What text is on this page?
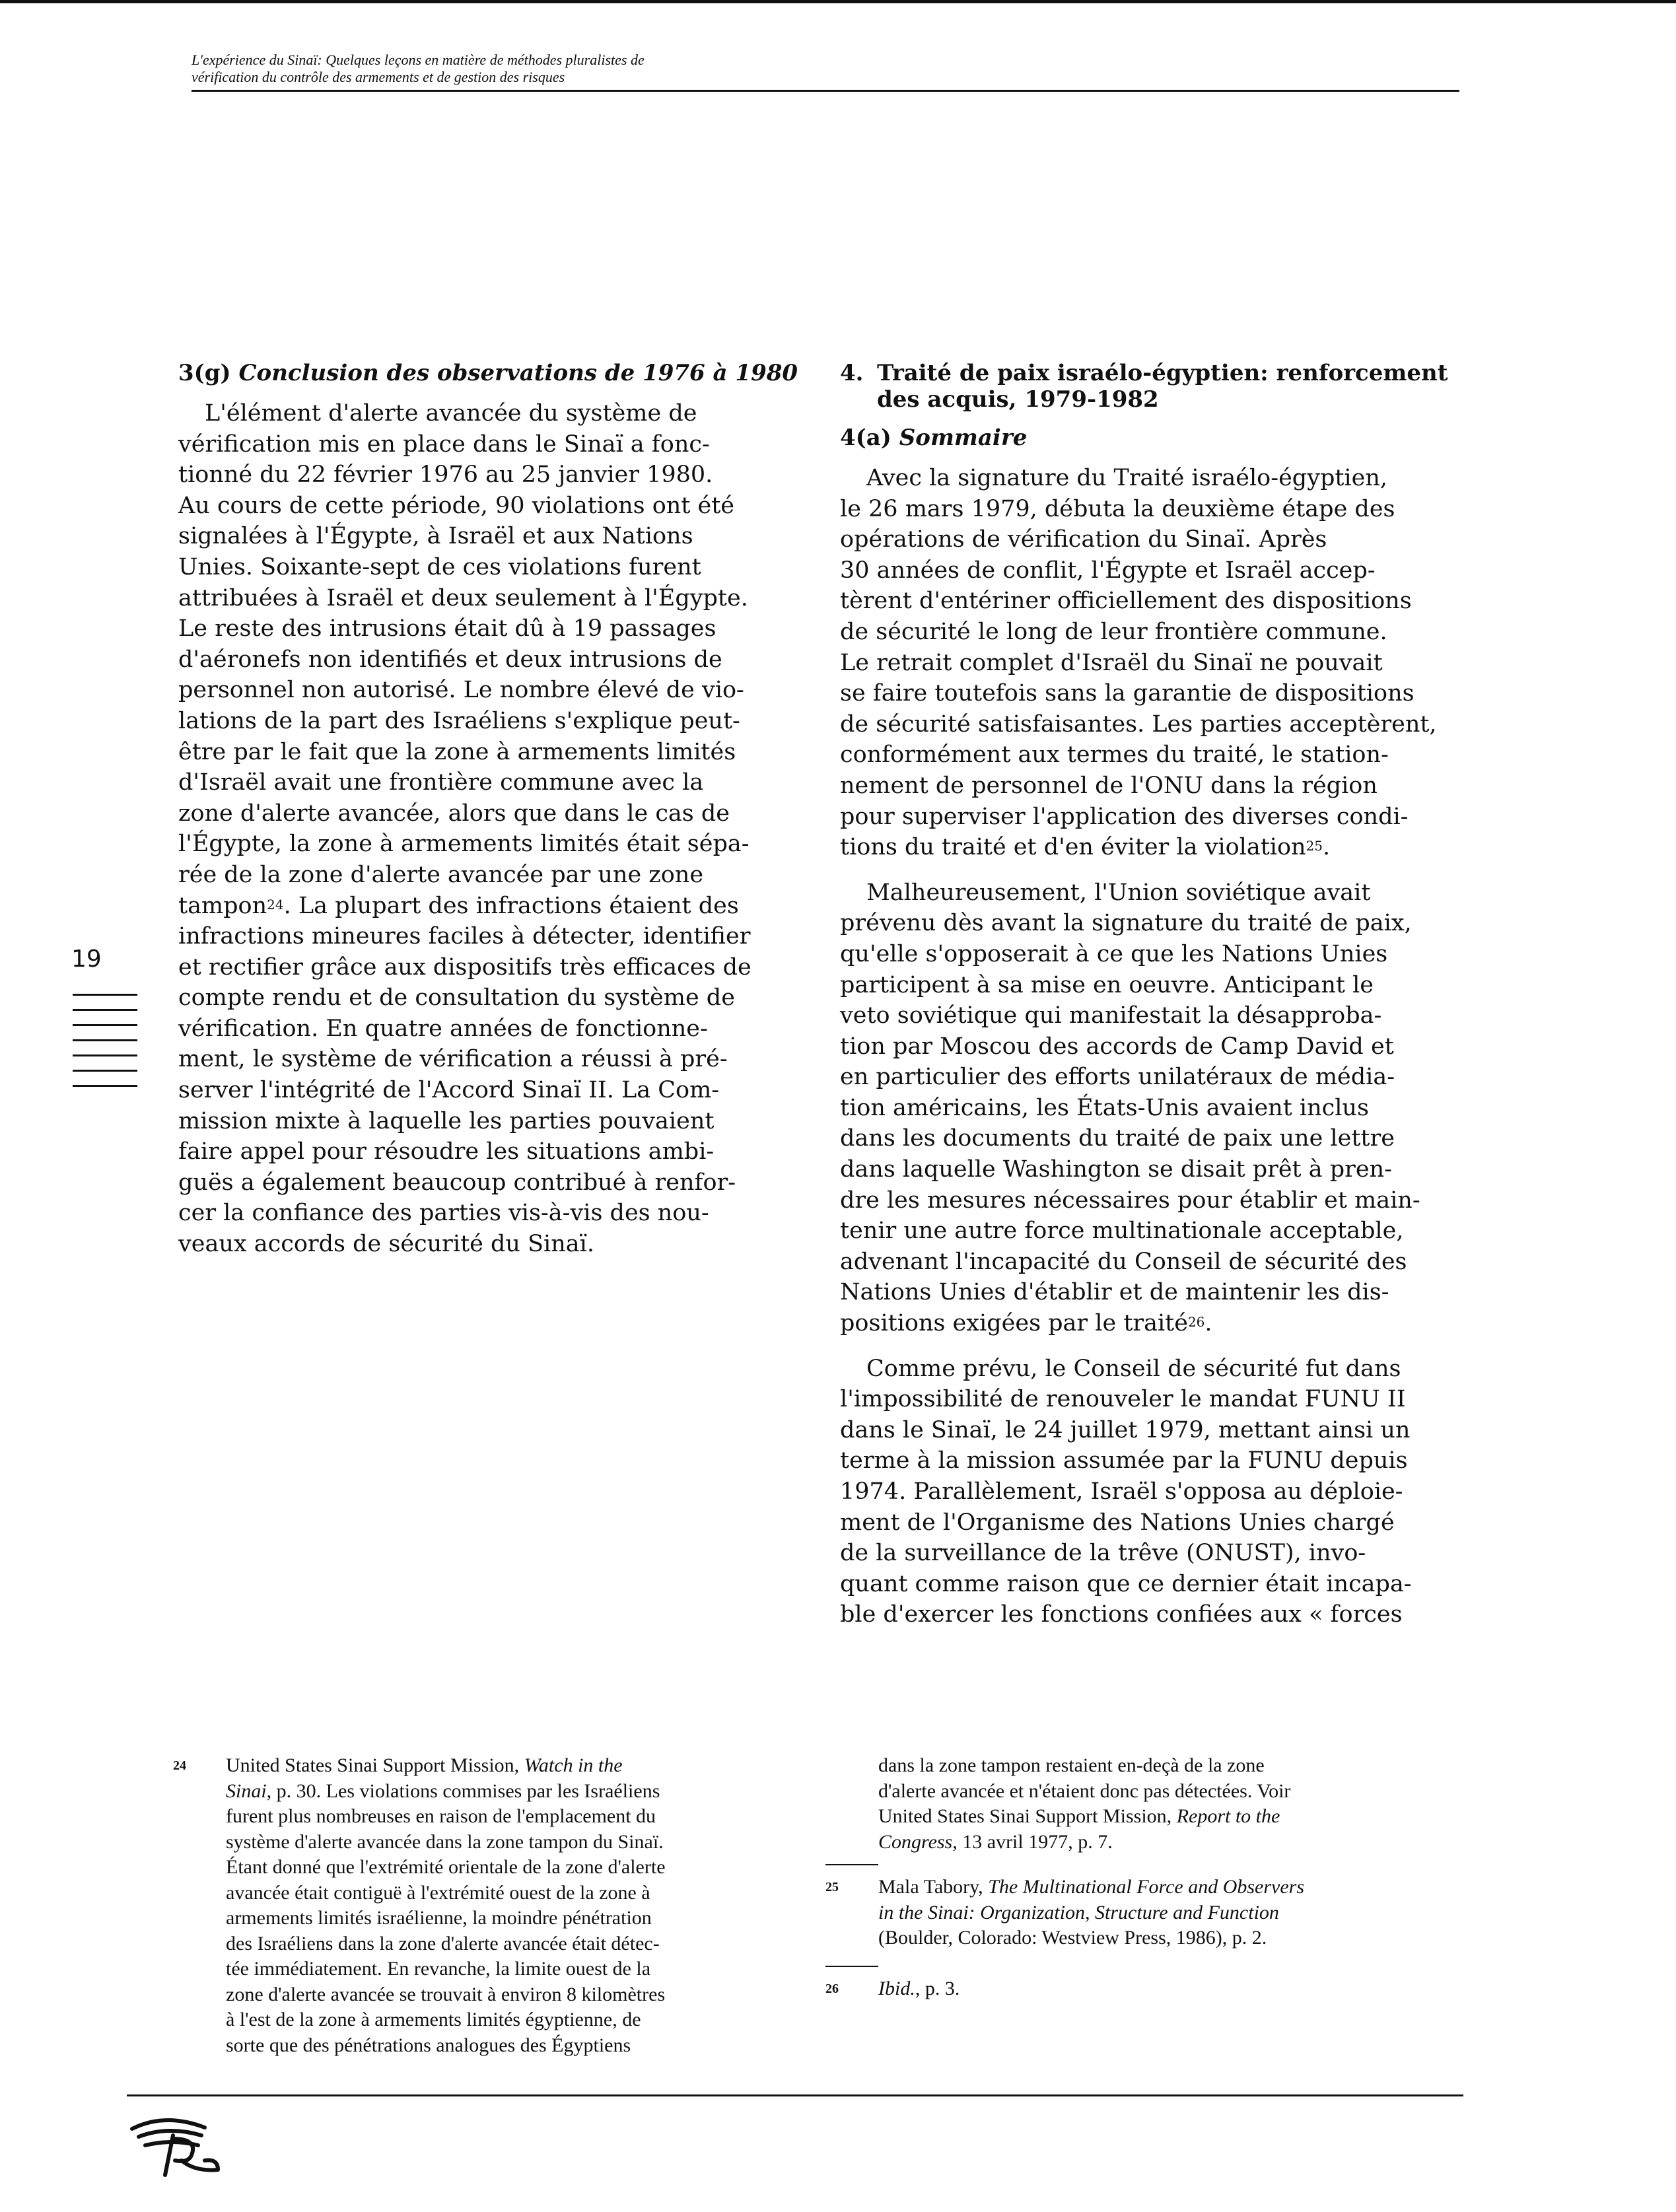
L'expérience du Sinaï: Quelques leçons en matière de méthodes pluralistes de
vérification du contrôle des armements et de gestion des risques
3(g) Conclusion des observations de 1976 à 1980
L'élément d'alerte avancée du système de
vérification mis en place dans le Sinaï a fonc-
tionné du 22 février 1976 au 25 janvier 1980.
Au cours de cette période, 90 violations ont été
signalées à l'Égypte, à Israël et aux Nations
Unies. Soixante-sept de ces violations furent
attribuées à Israël et deux seulement à l'Égypte.
Le reste des intrusions était dû à 19 passages
d'aéronefs non identifiés et deux intrusions de
personnel non autorisé. Le nombre élevé de vio-
lations de la part des Israéliens s'explique peut-
être par le fait que la zone à armements limités
d'Israël avait une frontière commune avec la
zone d'alerte avancée, alors que dans le cas de
l'Égypte, la zone à armements limités était sépa-
rée de la zone d'alerte avancée par une zone
tampon$^{24}$. La plupart des infractions étaient des
infractions mineures faciles à détecter, identifier
et rectifier grâce aux dispositifs très efficaces de
compte rendu et de consultation du système de
vérification. En quatre années de fonctionne-
ment, le système de vérification a réussi à pré-
server l'intégrité de l'Accord Sinaï II. La Com-
mission mixte à laquelle les parties pouvaient
faire appel pour résoudre les situations ambi-
guës a également beaucoup contribué à renfor-
cer la confiance des parties vis-à-vis des nou-
veaux accords de sécurité du Sinaï.
19
4. Traité de paix israélo-égyptien: renforcement
des acquis, 1979-1982
4(a) Sommaire
Avec la signature du Traité israélo-égyptien,
le 26 mars 1979, débuta la deuxième étape des
opérations de vérification du Sinaï. Après
30 années de conflit, l'Égypte et Israël accep-
tèrent d'entériner officiellement des dispositions
de sécurité le long de leur frontière commune.
Le retrait complet d'Israël du Sinaï ne pouvait
se faire toutefois sans la garantie de dispositions
de sécurité satisfaisantes. Les parties acceptèrent,
conformément aux termes du traité, le station-
nement de personnel de l'ONU dans la région
pour superviser l'application des diverses condi-
tions du traité et d'en éviter la violation$^{25}$.
Malheureusement, l'Union soviétique avait
prévenu dès avant la signature du traité de paix,
qu'elle s'opposerait à ce que les Nations Unies
participent à sa mise en oeuvre. Anticipant le
veto soviétique qui manifestait la désapproba-
tion par Moscou des accords de Camp David et
en particulier des efforts unilatéraux de média-
tion américains, les États-Unis avaient inclus
dans les documents du traité de paix une lettre
dans laquelle Washington se disait prêt à pren-
dre les mesures nécessaires pour établir et main-
tenir une autre force multinationale acceptable,
advenant l'incapacité du Conseil de sécurité des
Nations Unies d'établir et de maintenir les dis-
positions exigées par le traité$^{26}$.
Comme prévu, le Conseil de sécurité fut dans
l'impossibilité de renouveler le mandat FUNU II
dans le Sinaï, le 24 juillet 1979, mettant ainsi un
terme à la mission assumée par la FUNU depuis
1974. Parallèlement, Israël s'opposa au déploie-
ment de l'Organisme des Nations Unies chargé
de la surveillance de la trêve (ONUST), invo-
quant comme raison que ce dernier était incapa-
ble d'exercer les fonctions confiées aux « forces
24 United States Sinai Support Mission, Watch in the
Sinai, p. 30. Les violations commises par les Israéliens
furent plus nombreuses en raison de l'emplacement du
système d'alerte avancée dans la zone tampon du Sinaï.
Étant donné que l'extrémité orientale de la zone d'alerte
avancée était contiguë à l'extrémité ouest de la zone à
armements limités israélienne, la moindre pénétration
des Israéliens dans la zone d'alerte avancée était détec-
tée immédiatement. En revanche, la limite ouest de la
zone d'alerte avancée se trouvait à environ 8 kilomètres
à l'est de la zone à armements limités égyptienne, de
sorte que des pénétrations analogues des Égyptiens
dans la zone tampon restaient en-deçà de la zone
d'alerte avancée et n'étaient donc pas détectées. Voir
United States Sinai Support Mission, Report to the
Congress, 13 avril 1977, p. 7.
25 Mala Tabory, The Multinational Force and Observers
in the Sinai: Organization, Structure and Function
(Boulder, Colorado: Westview Press, 1986), p. 2.
26 Ibid., p. 3.
